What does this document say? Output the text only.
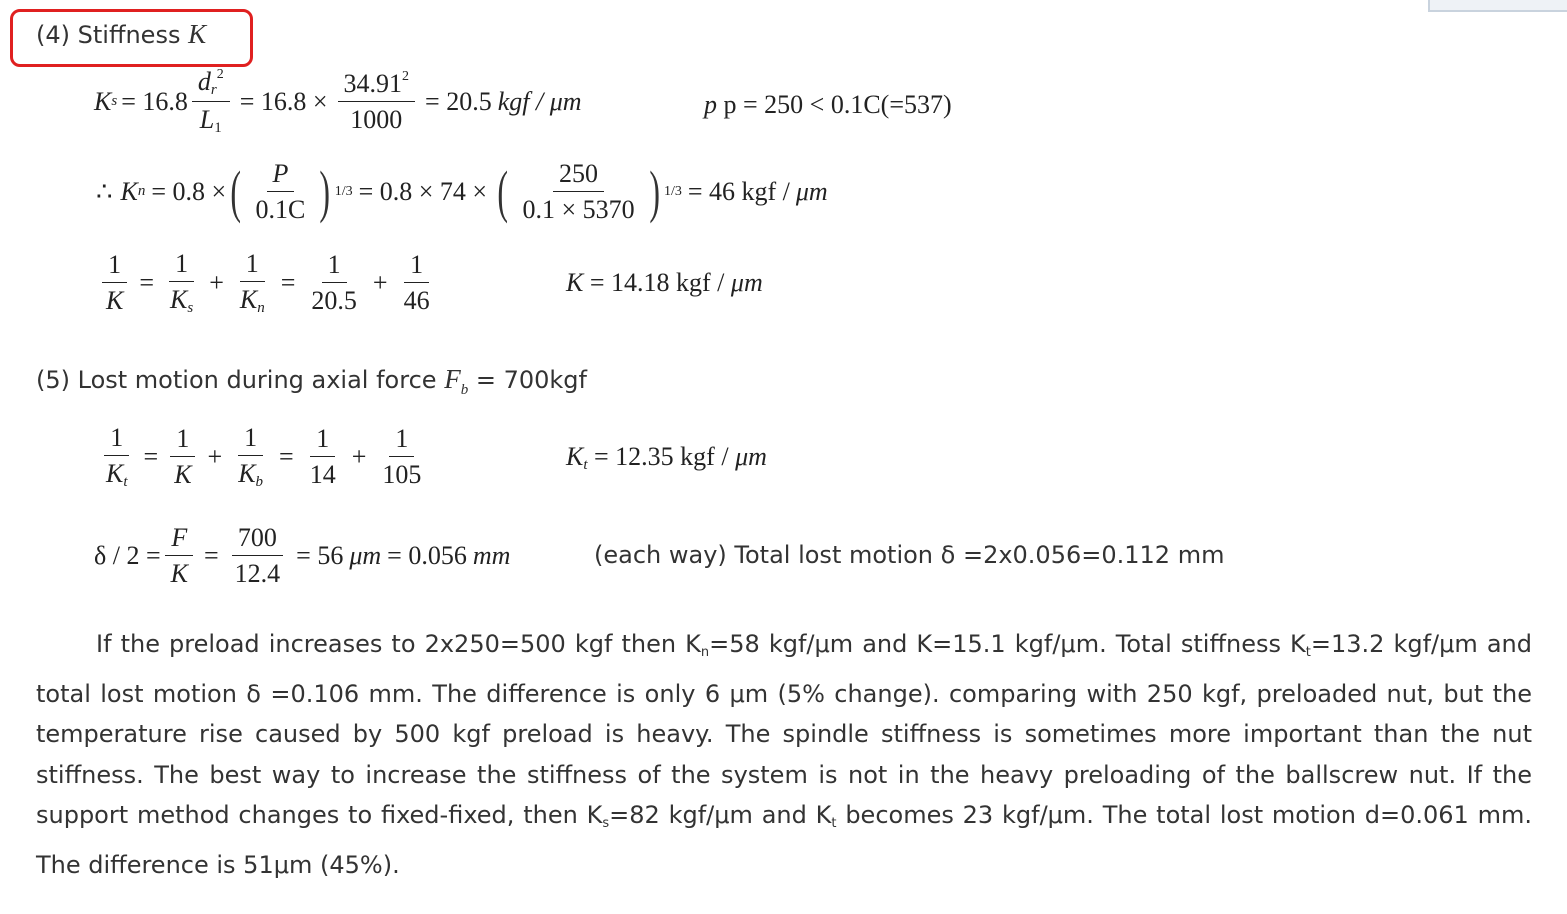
(4) Stiffness K
K $s = 16.8 \frac{d_r^2}{L_1} = 16.8 \times \frac{34.91^2}{1000} = 20.5$ kgf / μm	p p = 250 < 0.1C(=537)
∴ K n = 0.8 × ( $\frac{P}{0.1C}$ ) 1/3 = 0.8 × 74 × ( $\frac{250}{0.1 \times 5370}$ ) 1/3 = 46 kgf / μm
$\frac{1}{K} = \frac{1}{K_s} + \frac{1}{K_n} = \frac{1}{20.5} + \frac{1}{46}$	K = 14.18 kgf / μm
(5) Lost motion during axial force $F_b = 700kgf$
$\frac{1}{K_t} = \frac{1}{K} + \frac{1}{K_b} = \frac{1}{14} + \frac{1}{105}$	$K_t = 12.35$ kgf / μm
$\delta / 2 = \frac{F}{K} = \frac{700}{12.4} = 56$ μm = 0.056 mm	(each way) Total lost motion δ =2x0.056=0.112 mm
If the preload increases to 2x250=500 kgf then $K_n=58$ kgf/μm and K=15.1 kgf/μm. Total stiffness $K_t=13.2$ kgf/μm and total lost motion δ =0.106 mm. The difference is only 6 μm (5% change). comparing with 250 kgf, preloaded nut, but the temperature rise caused by 500 kgf preload is heavy. The spindle stiffness is sometimes more important than the nut stiffness. The best way to increase the stiffness of the system is not in the heavy preloading of the ballscrew nut. If the support method changes to fixed-fixed, then $K_s=82$ kgf/μm and $K_t$ becomes 23 kgf/μm. The total lost motion d=0.061 mm. The difference is 51μm (45%).
